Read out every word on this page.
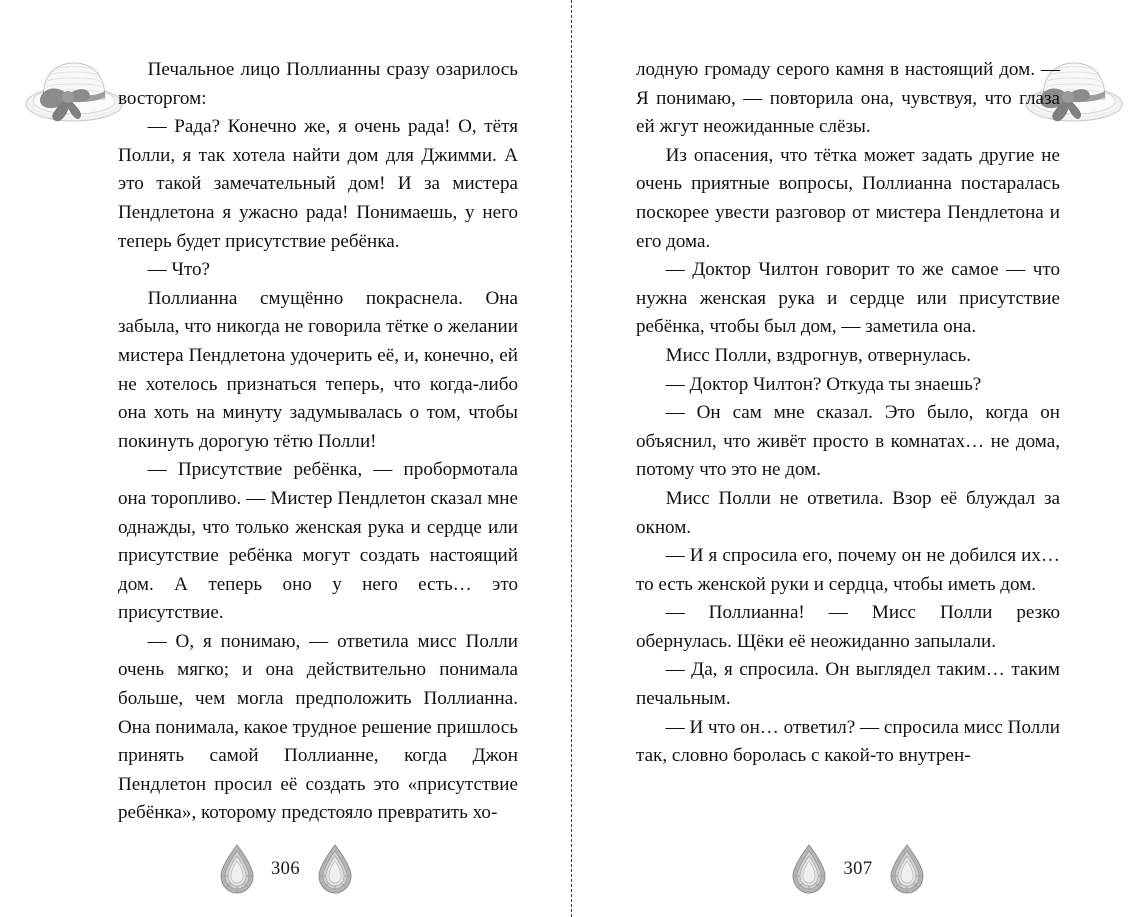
Печальное лицо Поллианны сразу озарилось восторгом:

— Рада? Конечно же, я очень рада! О, тётя Полли, я так хотела найти дом для Джимми. А это такой замечательный дом! И за мистера Пендлетона я ужасно рада! Понимаешь, у него теперь будет присутствие ребёнка.

— Что?

Поллианна смущённо покраснела. Она забыла, что никогда не говорила тётке о желании мистера Пендлетона удочерить её, и, конечно, ей не хотелось признаться теперь, что когда-либо она хоть на минуту задумывалась о том, чтобы покинуть дорогую тётю Полли!

— Присутствие ребёнка, — пробормотала она торопливо. — Мистер Пендлетон сказал мне однажды, что только женская рука и сердце или присутствие ребёнка могут создать настоящий дом. А теперь оно у него есть… это присутствие.

— О, я понимаю, — ответила мисс Полли очень мягко; и она действительно понимала больше, чем могла предположить Поллианна. Она понимала, какое трудное решение пришлось принять самой Поллианне, когда Джон Пендлетон просил её создать это «присутствие ребёнка», которому предстояло превратить хо-

306

лодную громаду серого камня в настоящий дом. — Я понимаю, — повторила она, чувствуя, что глаза ей жгут неожиданные слёзы.

Из опасения, что тётка может задать другие не очень приятные вопросы, Поллианна постаралась поскорее увести разговор от мистера Пендлетона и его дома.

— Доктор Чилтон говорит то же самое — что нужна женская рука и сердце или присутствие ребёнка, чтобы был дом, — заметила она.

Мисс Полли, вздрогнув, отвернулась.

— Доктор Чилтон? Откуда ты знаешь?

— Он сам мне сказал. Это было, когда он объяснил, что живёт просто в комнатах… не дома, потому что это не дом.

Мисс Полли не ответила. Взор её блуждал за окном.

— И я спросила его, почему он не добился их… то есть женской руки и сердца, чтобы иметь дом.

— Поллианна! — Мисс Полли резко обернулась. Щёки её неожиданно запылали.

— Да, я спросила. Он выглядел таким… таким печальным.

— И что он… ответил? — спросила мисс Полли так, словно боролась с какой-то внутрен-

307
